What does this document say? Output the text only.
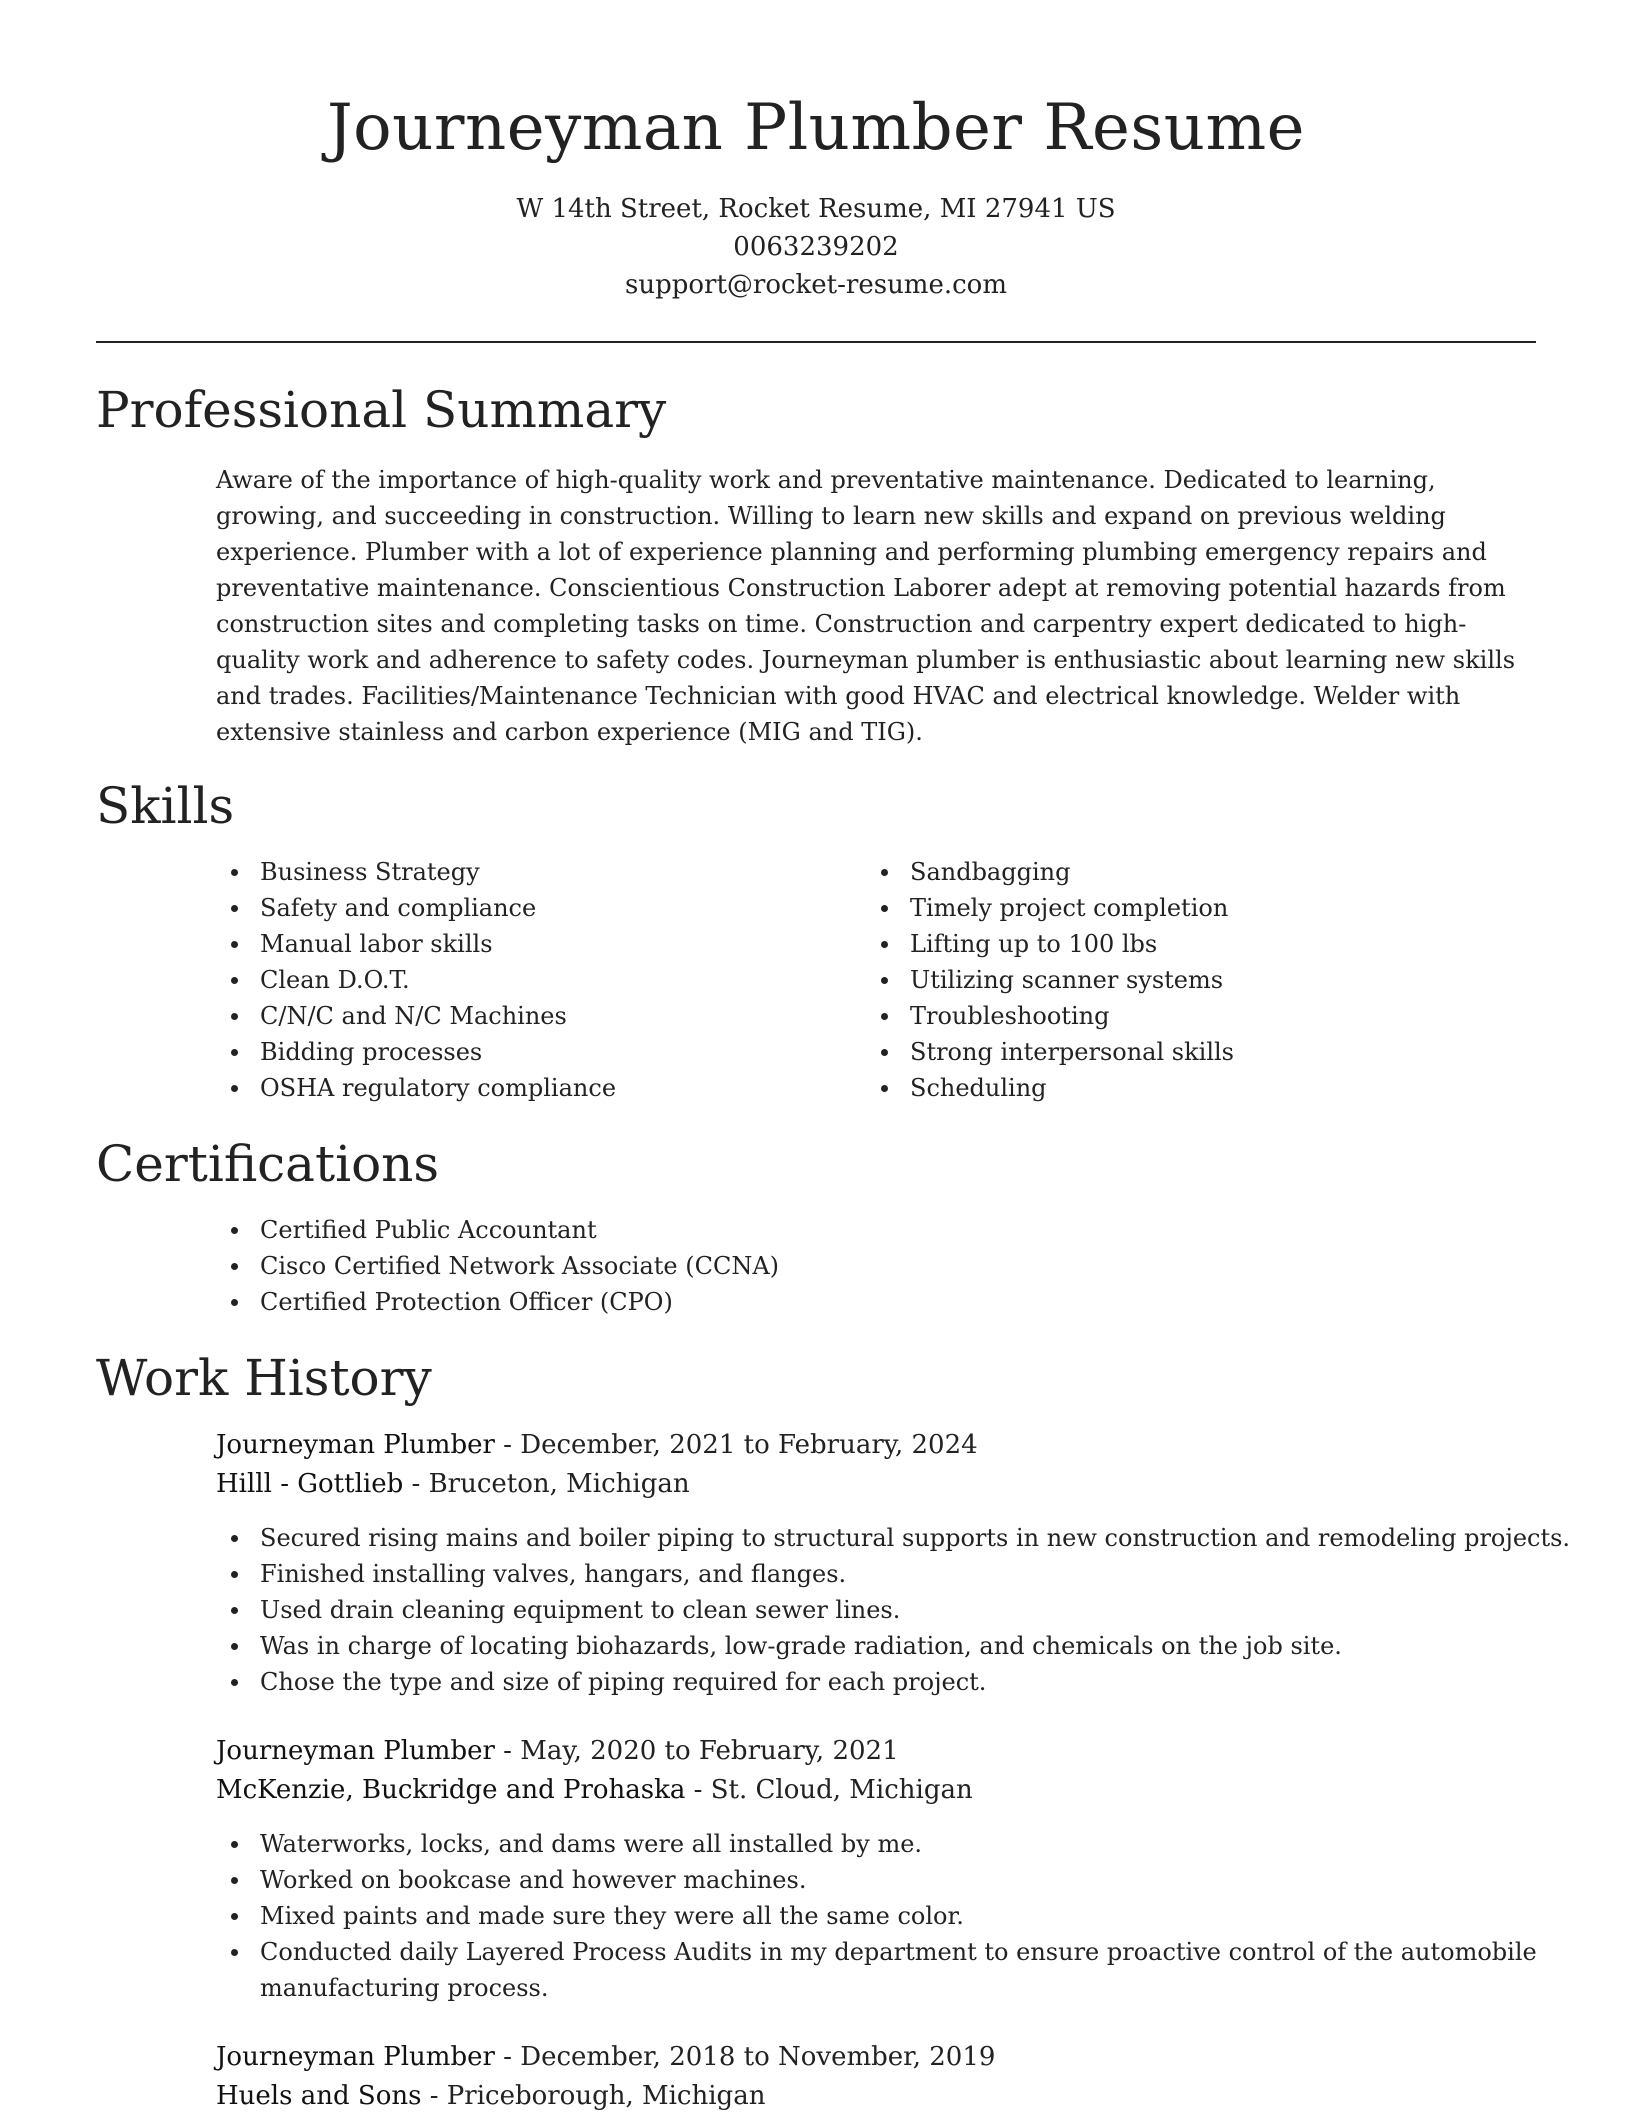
Journeyman Plumber Resume
W 14th Street, Rocket Resume, MI 27941 US
0063239202
support@rocket-resume.com
Professional Summary

Aware of the importance of high-quality work and preventative maintenance. Dedicated to learning, growing, and succeeding in construction. Willing to learn new skills and expand on previous welding experience. Plumber with a lot of experience planning and performing plumbing emergency repairs and preventative maintenance. Conscientious Construction Laborer adept at removing potential hazards from construction sites and completing tasks on time. Construction and carpentry expert dedicated to high-quality work and adherence to safety codes. Journeyman plumber is enthusiastic about learning new skills and trades. Facilities/Maintenance Technician with good HVAC and electrical knowledge. Welder with extensive stainless and carbon experience (MIG and TIG).

Skills
Business Strategy
Safety and compliance
Manual labor skills
Clean D.O.T.
C/N/C and N/C Machines
Bidding processes
OSHA regulatory compliance
Sandbagging
Timely project completion
Lifting up to 100 lbs
Utilizing scanner systems
Troubleshooting
Strong interpersonal skills
Scheduling
Certifications
Certified Public Accountant
Cisco Certified Network Associate (CCNA)
Certified Protection Officer (CPO)
Work History
Journeyman Plumber - December, 2021 to February, 2024
Hilll - Gottlieb - Bruceton, Michigan
Secured rising mains and boiler piping to structural supports in new construction and remodeling projects.
Finished installing valves, hangars, and flanges.
Used drain cleaning equipment to clean sewer lines.
Was in charge of locating biohazards, low-grade radiation, and chemicals on the job site.
Chose the type and size of piping required for each project.
Journeyman Plumber - May, 2020 to February, 2021
McKenzie, Buckridge and Prohaska - St. Cloud, Michigan
Waterworks, locks, and dams were all installed by me.
Worked on bookcase and however machines.
Mixed paints and made sure they were all the same color.
Conducted daily Layered Process Audits in my department to ensure proactive control of the automobile manufacturing process.
Journeyman Plumber - December, 2018 to November, 2019
Huels and Sons - Priceborough, Michigan
